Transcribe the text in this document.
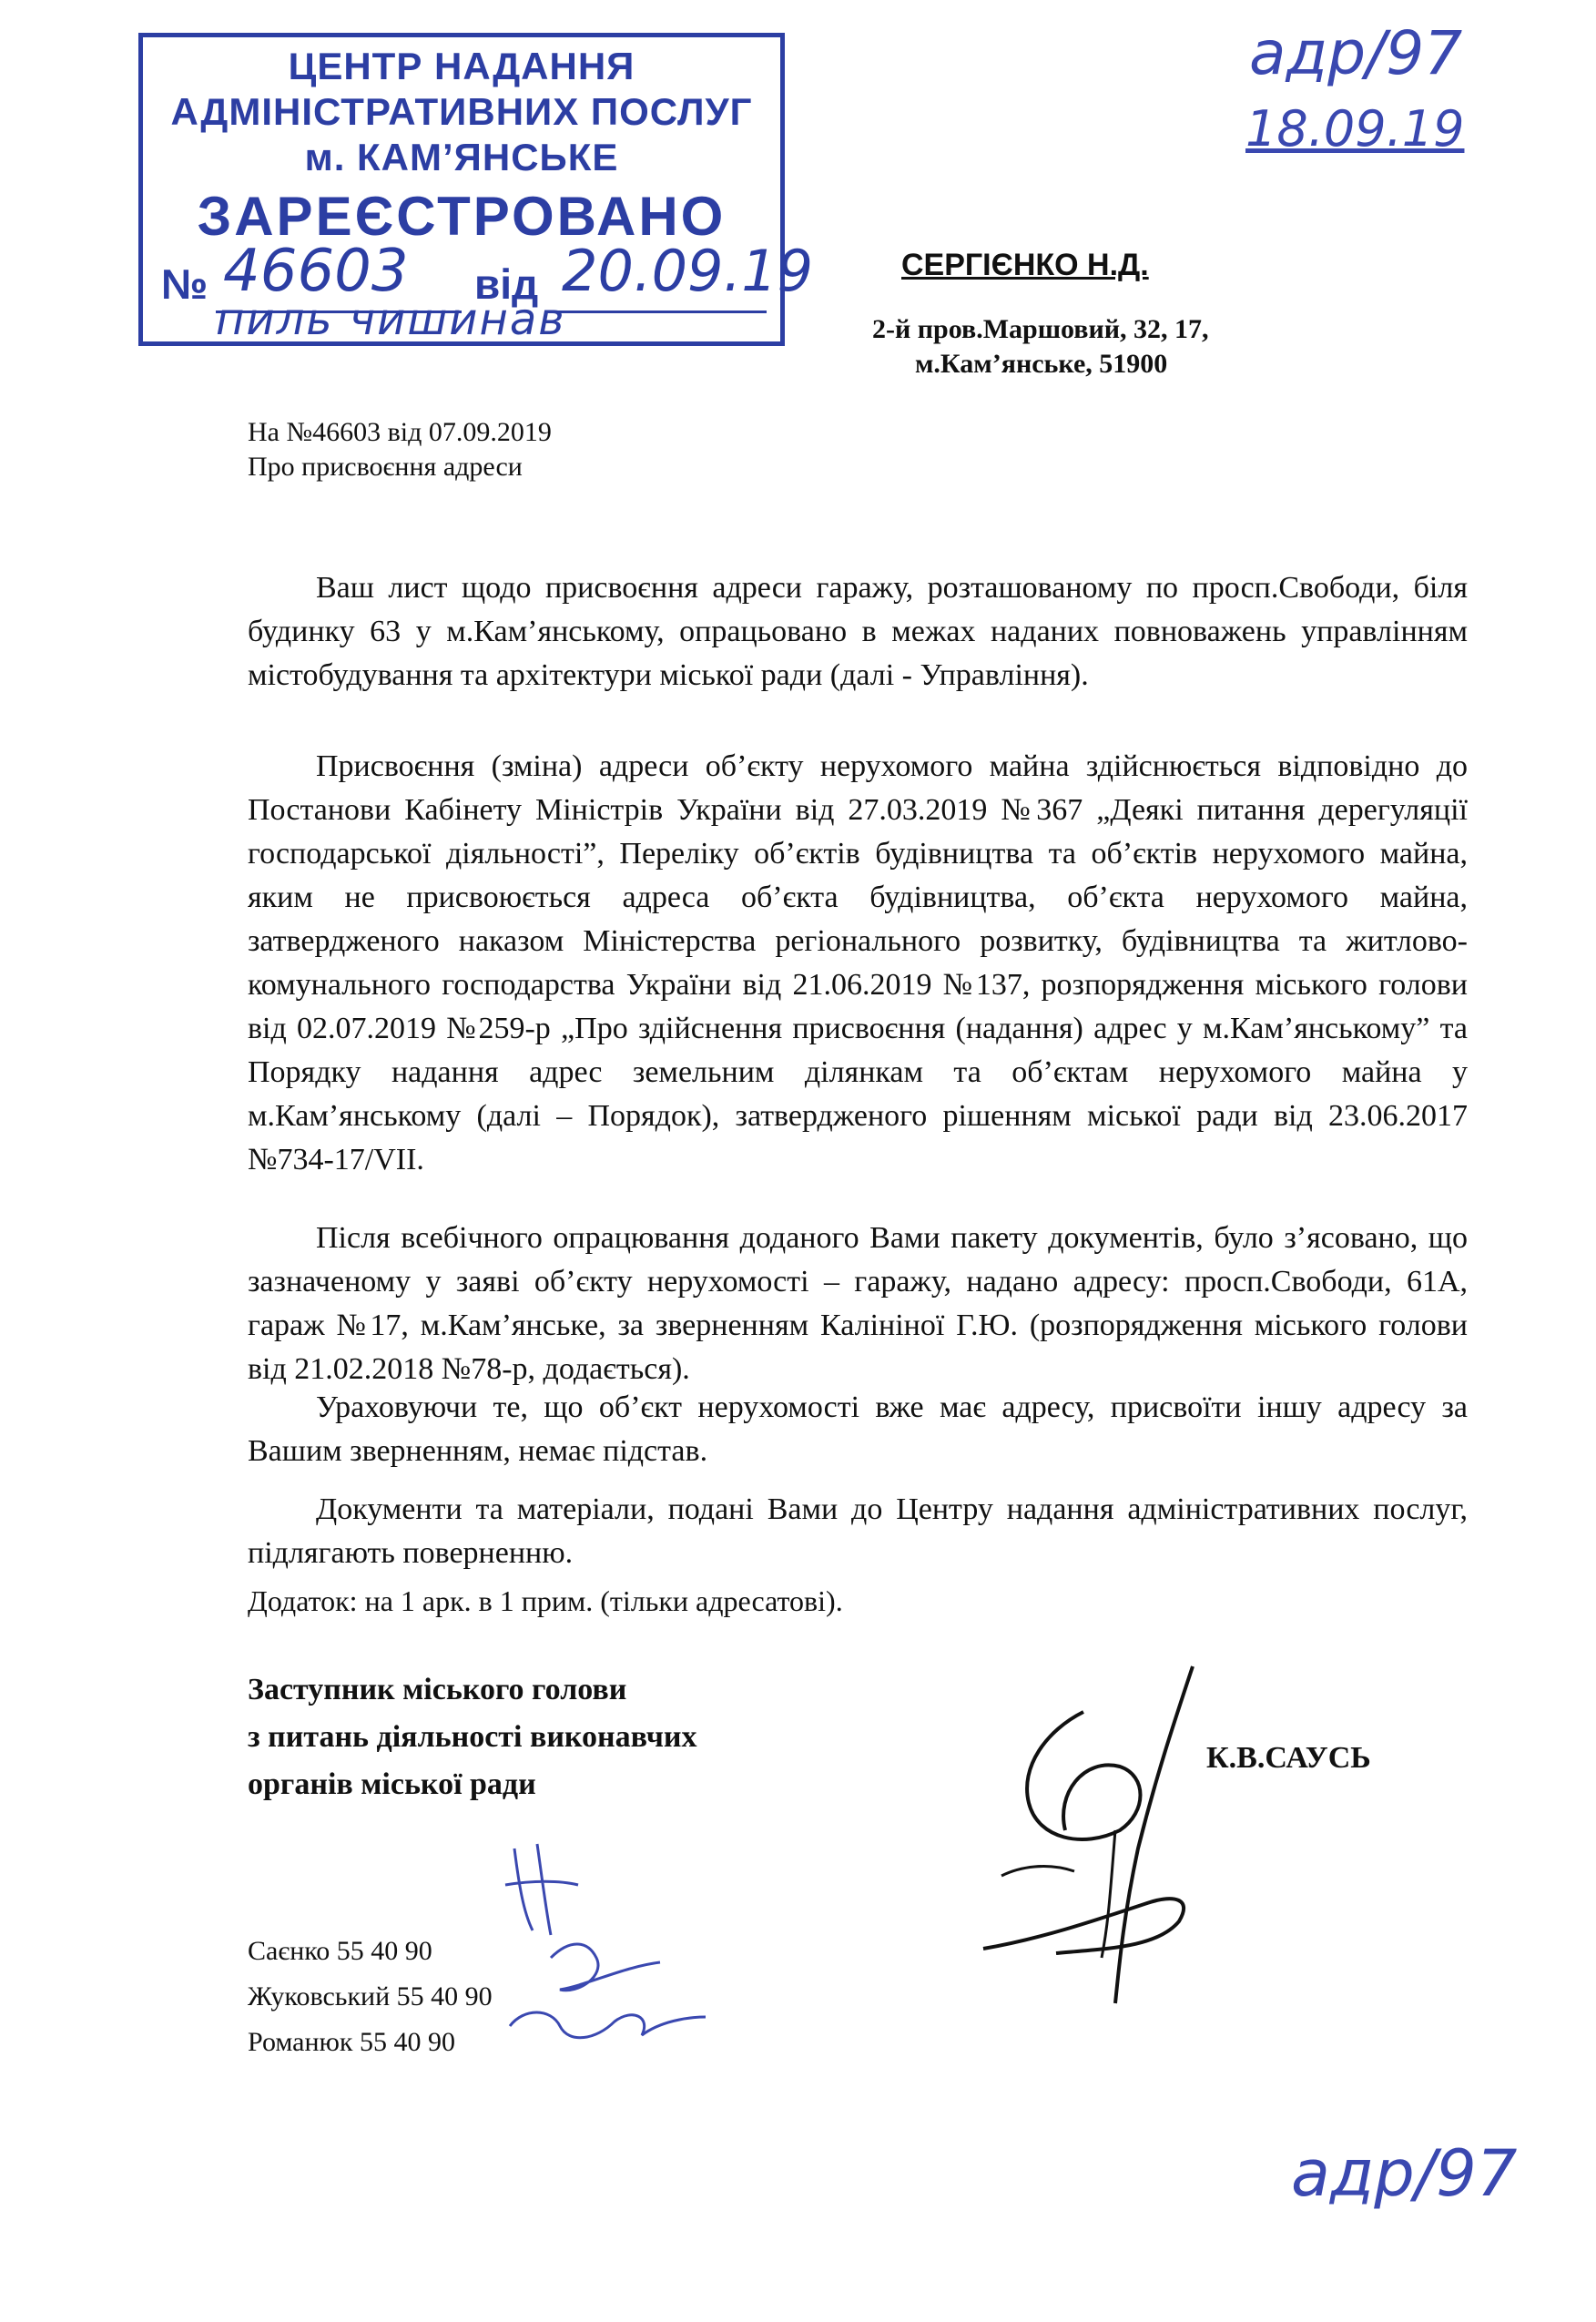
ЦЕНТР НАДАННЯ
АДМІНІСТРАТИВНИХ ПОСЛУГ
м. КАМ’ЯНСЬКЕ
ЗАРЕЄСТРОВАНО
№ 46603 від 20.09.19
пиль чишинав
адр/97
18.09.19
СЕРГІЄНКО Н.Д.
2-й пров.Маршовий, 32, 17,
м.Кам’янське, 51900
На №46603 від 07.09.2019
Про присвоєння адреси

Ваш лист щодо присвоєння адреси гаражу, розташованому по просп.Свободи, біля будинку 63 у м.Кам’янському, опрацьовано в межах наданих повноважень управлінням містобудування та архітектури міської ради (далі - Управління).

Присвоєння (зміна) адреси об’єкту нерухомого майна здійснюється відповідно до Постанови Кабінету Міністрів України від 27.03.2019 №367 „Деякі питання дерегуляції господарської діяльності”, Переліку об’єктів будівництва та об’єктів нерухомого майна, яким не присвоюється адреса об’єкта будівництва, об’єкта нерухомого майна, затвердженого наказом Міністерства регіонального розвитку, будівництва та житлово-комунального господарства України від 21.06.2019 №137, розпорядження міського голови від 02.07.2019 №259-р „Про здійснення присвоєння (надання) адрес у м.Кам’янському” та Порядку надання адрес земельним ділянкам та об’єктам нерухомого майна у м.Кам’янському (далі – Порядок), затвердженого рішенням міської ради від 23.06.2017 №734-17/VII.

Після всебічного опрацювання доданого Вами пакету документів, було з’ясовано, що зазначеному у заяві об’єкту нерухомості – гаражу, надано адресу: просп.Свободи, 61А, гараж №17, м.Кам’янське, за зверненням Калініної Г.Ю. (розпорядження міського голови від 21.02.2018 №78-р, додається).

Ураховуючи те, що об’єкт нерухомості вже має адресу, присвоїти іншу адресу за Вашим зверненням, немає підстав.

Документи та матеріали, подані Вами до Центру надання адміністративних послуг, підлягають поверненню.

Додаток: на 1 арк. в 1 прим. (тільки адресатові).
Заступник міського голови
з питань діяльності виконавчих
органів міської ради
К.В.САУСЬ
Саєнко 55 40 90
Жуковський 55 40 90
Романюк 55 40 90
адр/97
